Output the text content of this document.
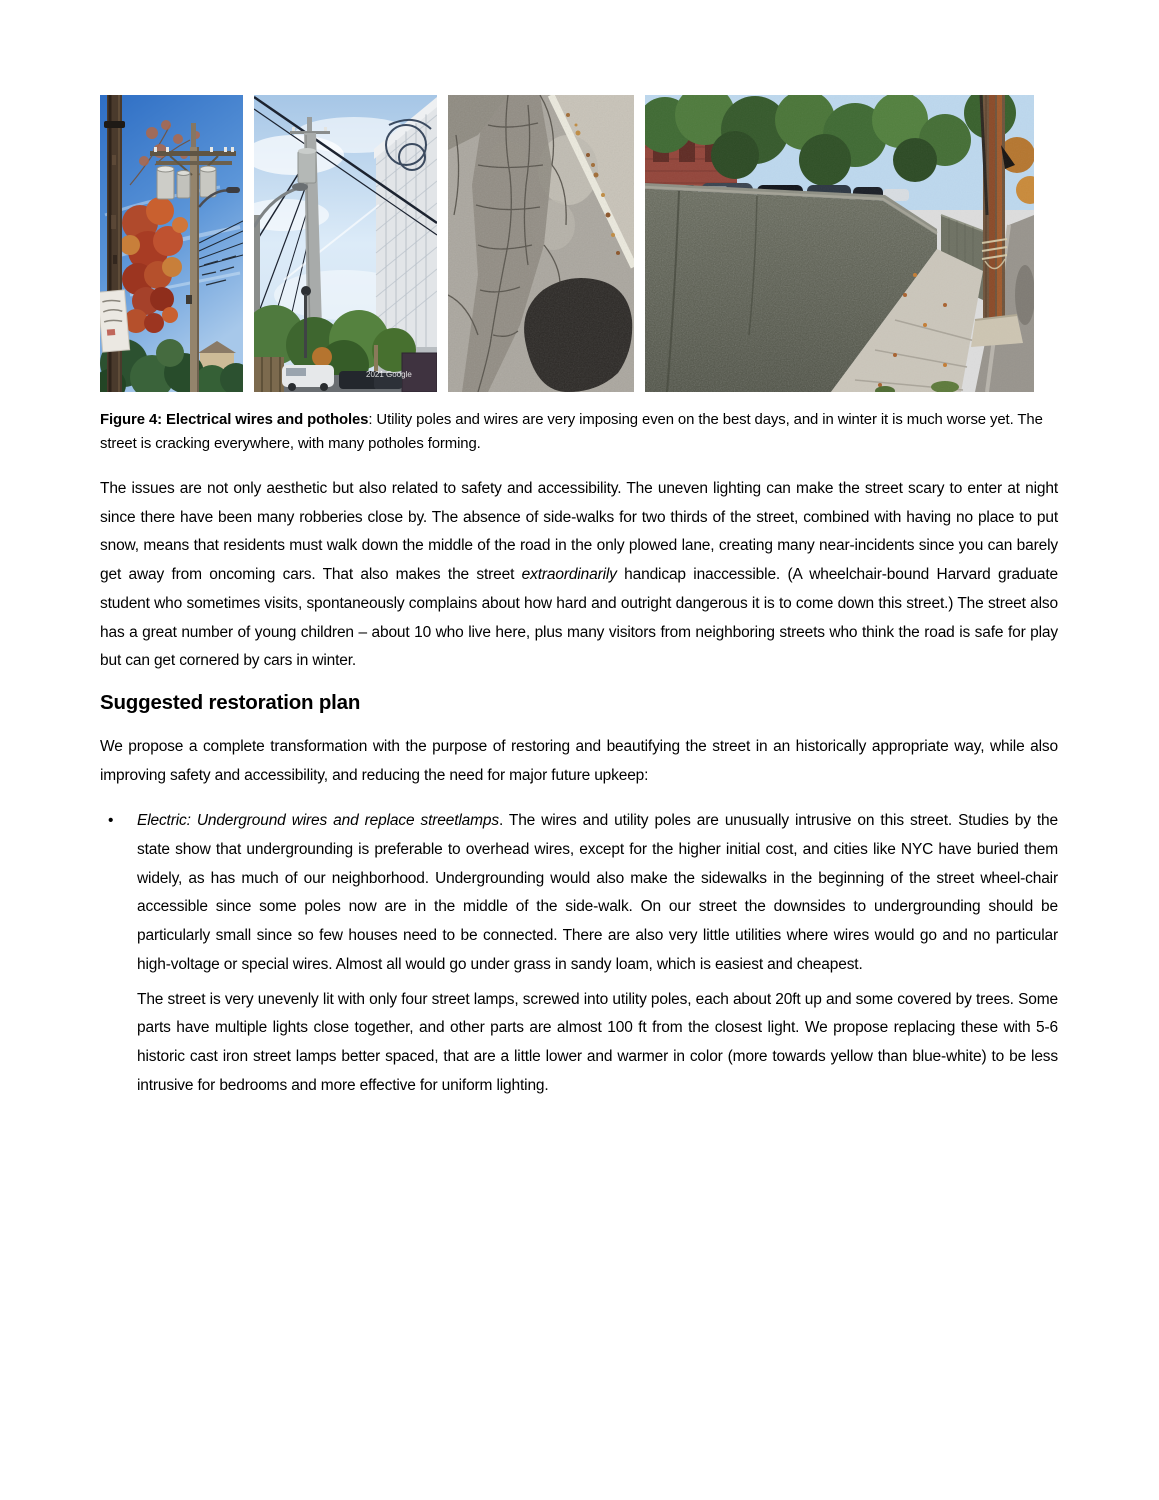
2021 Google

Figure 4: Electrical wires and potholes: Utility poles and wires are very imposing even on the best days, and in winter it is much worse yet. The street is cracking everywhere, with many potholes forming.

The issues are not only aesthetic but also related to safety and accessibility. The uneven lighting can make the street scary to enter at night since there have been many robberies close by. The absence of side-walks for two thirds of the street, combined with having no place to put snow, means that residents must walk down the middle of the road in the only plowed lane, creating many near-incidents since you can barely get away from oncoming cars. That also makes the street extraordinarily handicap inaccessible. (A wheelchair-bound Harvard graduate student who sometimes visits, spontaneously complains about how hard and outright dangerous it is to come down this street.) The street also has a great number of young children – about 10 who live here, plus many visitors from neighboring streets who think the road is safe for play but can get cornered by cars in winter.

Suggested restoration plan

We propose a complete transformation with the purpose of restoring and beautifying the street in an historically appropriate way, while also improving safety and accessibility, and reducing the need for major future upkeep:

• Electric: Underground wires and replace streetlamps. The wires and utility poles are unusually intrusive on this street. Studies by the state show that undergrounding is preferable to overhead wires, except for the higher initial cost, and cities like NYC have buried them widely, as has much of our neighborhood. Undergrounding would also make the sidewalks in the beginning of the street wheel-chair accessible since some poles now are in the middle of the side-walk. On our street the downsides to undergrounding should be particularly small since so few houses need to be connected. There are also very little utilities where wires would go and no particular high-voltage or special wires. Almost all would go under grass in sandy loam, which is easiest and cheapest.

The street is very unevenly lit with only four street lamps, screwed into utility poles, each about 20ft up and some covered by trees. Some parts have multiple lights close together, and other parts are almost 100 ft from the closest light. We propose replacing these with 5-6 historic cast iron street lamps better spaced, that are a little lower and warmer in color (more towards yellow than blue-white) to be less intrusive for bedrooms and more effective for uniform lighting.
